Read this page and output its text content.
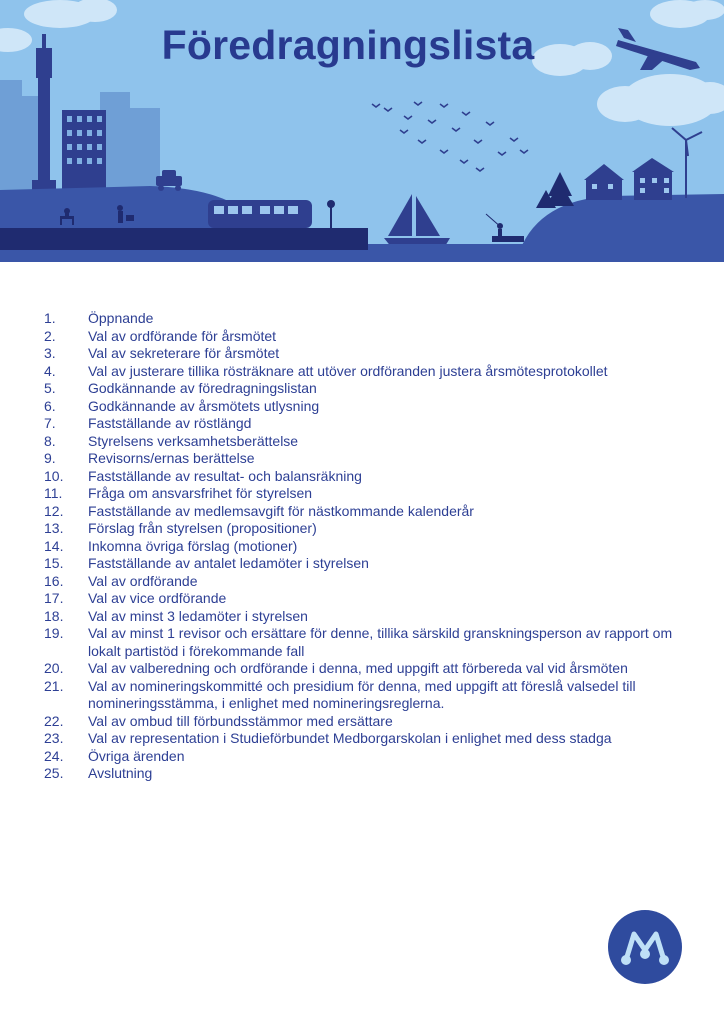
Föredragningslista
1.	Öppnande
2.	Val av ordförande för årsmötet
3.	Val av sekreterare för årsmötet
4.	Val av justerare tillika rösträknare att utöver ordföranden justera årsmötesprotokollet
5.	Godkännande av föredragningslistan
6.	Godkännande av årsmötets utlysning
7.	Fastställande av röstlängd
8.	Styrelsens verksamhetsberättelse
9.	Revisorns/ernas berättelse
10.	Fastställande av resultat- och balansräkning
11.	Fråga om ansvarsfrihet för styrelsen
12.	Fastställande av medlemsavgift för nästkommande kalenderår
13.	Förslag från styrelsen (propositioner)
14.	Inkomna övriga förslag (motioner)
15.	Fastställande av antalet ledamöter i styrelsen
16.	Val av ordförande
17.	Val av vice ordförande
18.	Val av minst 3 ledamöter i styrelsen
19.	Val av minst 1 revisor och ersättare för denne, tillika särskild granskningsperson av rapport om lokalt partistöd i förekommande fall
20.	Val av valberedning och ordförande i denna, med uppgift att förbereda val vid årsmöten
21.	Val av nomineringskommitté och presidium för denna, med uppgift att föreslå valsedel till nomineringsstämma, i enlighet med nomineringsreglerna.
22.	Val av ombud till förbundsstämmor med ersättare
23.	Val av representation i Studieförbundet Medborgarskolan i enlighet med dess stadga
24.	Övriga ärenden
25.	Avslutning
